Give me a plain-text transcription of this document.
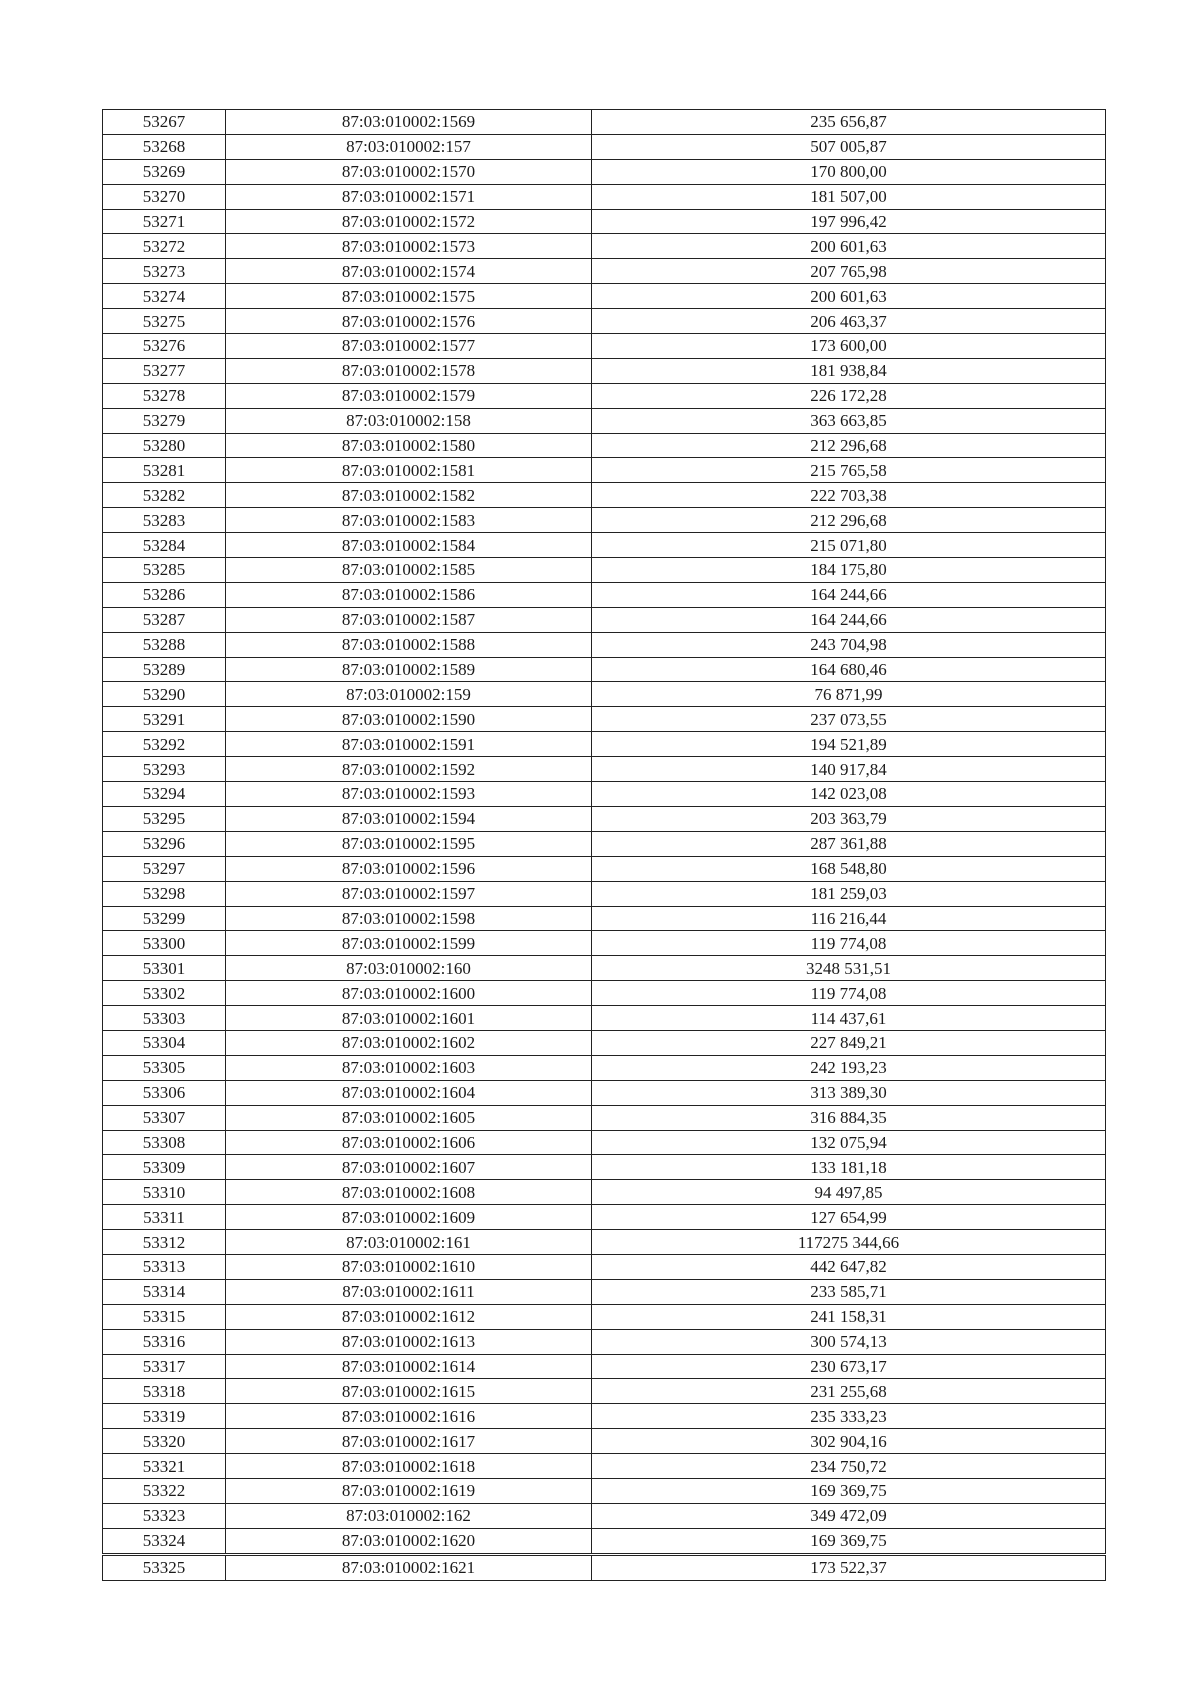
53267	87:03:010002:1569	235 656,87
53268	87:03:010002:157	507 005,87
53269	87:03:010002:1570	170 800,00
53270	87:03:010002:1571	181 507,00
53271	87:03:010002:1572	197 996,42
53272	87:03:010002:1573	200 601,63
53273	87:03:010002:1574	207 765,98
53274	87:03:010002:1575	200 601,63
53275	87:03:010002:1576	206 463,37
53276	87:03:010002:1577	173 600,00
53277	87:03:010002:1578	181 938,84
53278	87:03:010002:1579	226 172,28
53279	87:03:010002:158	363 663,85
53280	87:03:010002:1580	212 296,68
53281	87:03:010002:1581	215 765,58
53282	87:03:010002:1582	222 703,38
53283	87:03:010002:1583	212 296,68
53284	87:03:010002:1584	215 071,80
53285	87:03:010002:1585	184 175,80
53286	87:03:010002:1586	164 244,66
53287	87:03:010002:1587	164 244,66
53288	87:03:010002:1588	243 704,98
53289	87:03:010002:1589	164 680,46
53290	87:03:010002:159	76 871,99
53291	87:03:010002:1590	237 073,55
53292	87:03:010002:1591	194 521,89
53293	87:03:010002:1592	140 917,84
53294	87:03:010002:1593	142 023,08
53295	87:03:010002:1594	203 363,79
53296	87:03:010002:1595	287 361,88
53297	87:03:010002:1596	168 548,80
53298	87:03:010002:1597	181 259,03
53299	87:03:010002:1598	116 216,44
53300	87:03:010002:1599	119 774,08
53301	87:03:010002:160	3248 531,51
53302	87:03:010002:1600	119 774,08
53303	87:03:010002:1601	114 437,61
53304	87:03:010002:1602	227 849,21
53305	87:03:010002:1603	242 193,23
53306	87:03:010002:1604	313 389,30
53307	87:03:010002:1605	316 884,35
53308	87:03:010002:1606	132 075,94
53309	87:03:010002:1607	133 181,18
53310	87:03:010002:1608	94 497,85
53311	87:03:010002:1609	127 654,99
53312	87:03:010002:161	117275 344,66
53313	87:03:010002:1610	442 647,82
53314	87:03:010002:1611	233 585,71
53315	87:03:010002:1612	241 158,31
53316	87:03:010002:1613	300 574,13
53317	87:03:010002:1614	230 673,17
53318	87:03:010002:1615	231 255,68
53319	87:03:010002:1616	235 333,23
53320	87:03:010002:1617	302 904,16
53321	87:03:010002:1618	234 750,72
53322	87:03:010002:1619	169 369,75
53323	87:03:010002:162	349 472,09
53324	87:03:010002:1620	169 369,75
53325	87:03:010002:1621	173 522,37
